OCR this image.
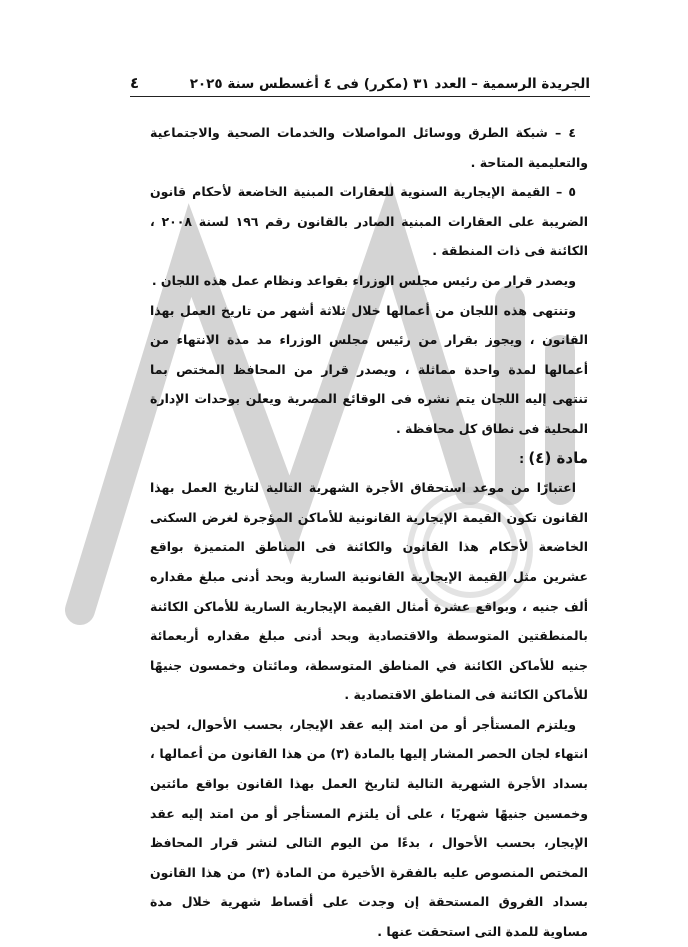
٤	الجريدة الرسمية – العدد ٣١ (مكرر) فى ٤ أغسطس سنة ٢٠٢٥

٤ – شبكة الطرق ووسائل المواصلات والخدمات الصحية والاجتماعية والتعليمية المتاحة .

٥ – القيمة الإيجارية السنوية للعقارات المبنية الخاضعة لأحكام قانون الضريبة على العقارات المبنية الصادر بالقانون رقم ١٩٦ لسنة ٢٠٠٨ ، الكائنة فى ذات المنطقة .

ويصدر قرار من رئيس مجلس الوزراء بقواعد ونظام عمل هذه اللجان .

وتنتهى هذه اللجان من أعمالها خلال ثلاثة أشهر من تاريخ العمل بهذا القانون ، ويجوز بقرار من رئيس مجلس الوزراء مد مدة الانتهاء من أعمالها لمدة واحدة مماثلة ، ويصدر قرار من المحافظ المختص بما تنتهى إليه اللجان يتم نشره فى الوقائع المصرية ويعلن بوحدات الإدارة المحلية فى نطاق كل محافظة .

مادة (٤) :

اعتبارًا من موعد استحقاق الأجرة الشهرية التالية لتاريخ العمل بهذا القانون تكون القيمة الإيجارية القانونية للأماكن المؤجرة لغرض السكنى الخاضعة لأحكام هذا القانون والكائنة فى المناطق المتميزة بواقع عشرين مثل القيمة الإيجارية القانونية السارية وبحد أدنى مبلغ مقداره ألف جنيه ، وبواقع عشرة أمثال القيمة الإيجارية السارية للأماكن الكائنة بالمنطقتين المتوسطة والاقتصادية وبحد أدنى مبلغ مقداره أربعمائة جنيه للأماكن الكائنة في المناطق المتوسطة، ومائتان وخمسون جنيهًا للأماكن الكائنة فى المناطق الاقتصادية .

ويلتزم المستأجر أو من امتد إليه عقد الإيجار، بحسب الأحوال، لحين انتهاء لجان الحصر المشار إليها بالمادة (٣) من هذا القانون من أعمالها ، بسداد الأجرة الشهرية التالية لتاريخ العمل بهذا القانون بواقع مائتين وخمسين جنيهًا شهريًا ، على أن يلتزم المستأجر أو من امتد إليه عقد الإيجار، بحسب الأحوال ، بدءًا من اليوم التالى لنشر قرار المحافظ المختص المنصوص عليه بالفقرة الأخيرة من المادة (٣) من هذا القانون بسداد الفروق المستحقة إن وجدت على أقساط شهرية خلال مدة مساوية للمدة التى استحقت عنها .
